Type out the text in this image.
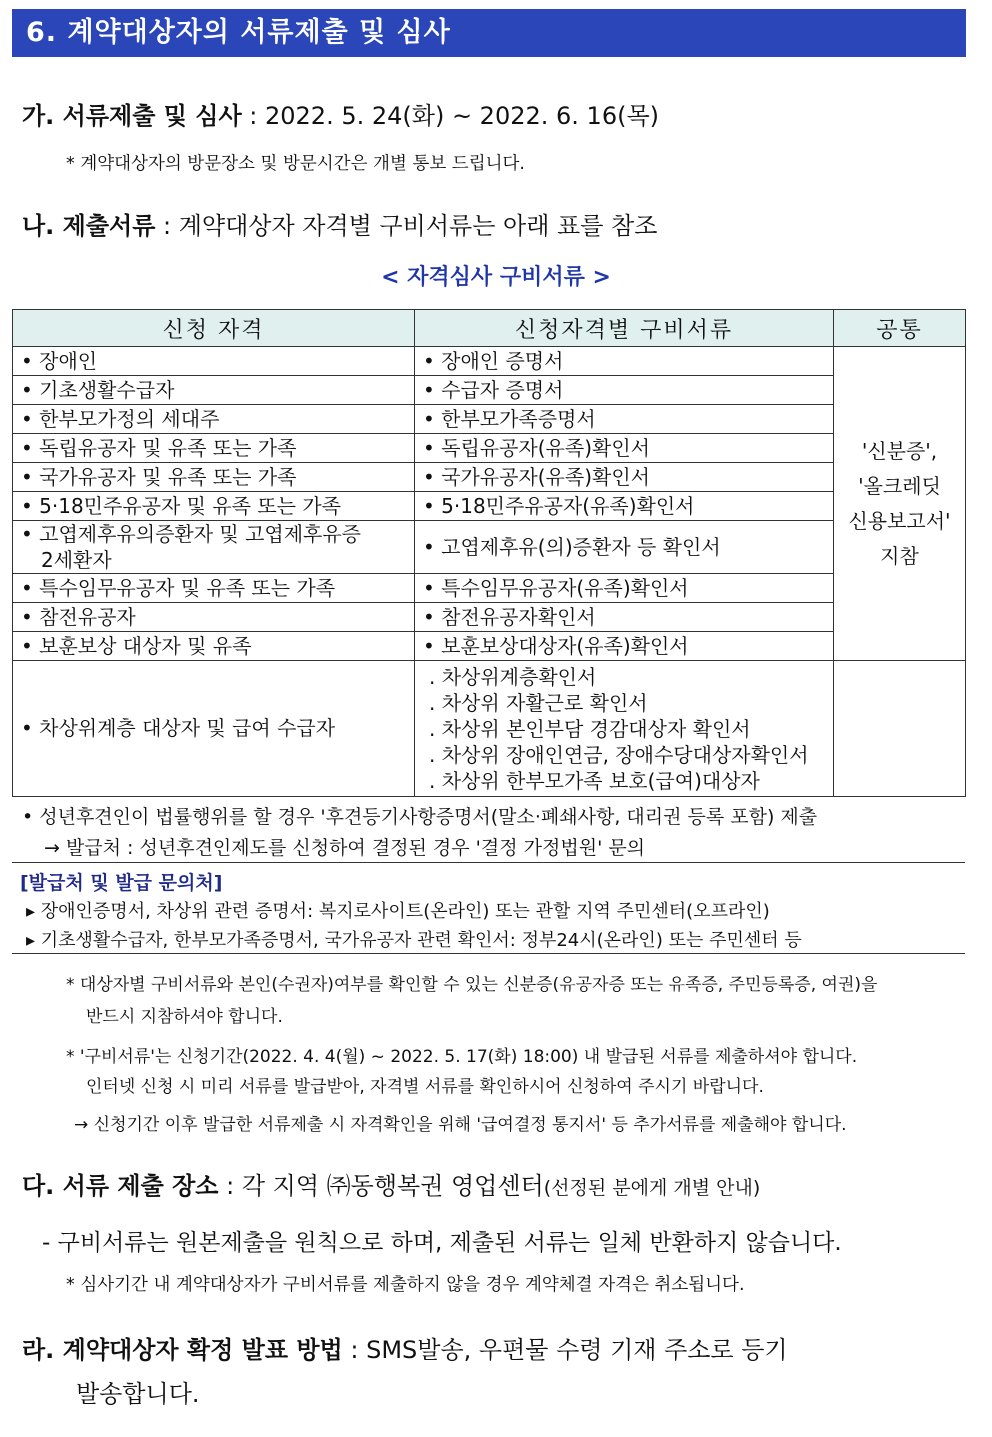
6. 계약대상자의 서류제출 및 심사
가. 서류제출 및 심사 : 2022. 5. 24(화) ~ 2022. 6. 16(목)
* 계약대상자의 방문장소 및 방문시간은 개별 통보 드립니다.
나. 제출서류 : 계약대상자 자격별 구비서류는 아래 표를 참조
< 자격심사 구비서류 >
신청 자격	신청자격별 구비서류	공통
• 장애인	• 장애인 증명서	'신분증',
'올크레딧
신용보고서'
지참

• 기초생활수급자	• 수급자 증명서	
• 한부모가정의 세대주	• 한부모가족증명서	
• 독립유공자 및 유족 또는 가족	• 독립유공자(유족)확인서	
• 국가유공자 및 유족 또는 가족	• 국가유공자(유족)확인서	
• 5·18민주유공자 및 유족 또는 가족	• 5·18민주유공자(유족)확인서	

• 고엽제후유의증환자 및 고엽제후유증
2세환자	• 고엽제후유(의)증환자 등 확인서	
• 특수임무유공자 및 유족 또는 가족	• 특수임무유공자(유족)확인서	
• 참전유공자	• 참전유공자확인서	
• 보훈보상 대상자 및 유족	• 보훈보상대상자(유족)확인서	
• 차상위계층 대상자 및 급여 수급자	. 차상위계층확인서
. 차상위 자활근로 확인서
. 차상위 본인부담 경감대상자 확인서
. 차상위 장애인연금, 장애수당대상자확인서
. 차상위 한부모가족 보호(급여)대상자	

• 성년후견인이 법률행위를 할 경우 '후견등기사항증명서(말소·폐쇄사항, 대리권 등록 포함) 제출
→ 발급처 : 성년후견인제도를 신청하여 결정된 경우 '결정 가정법원' 문의
[발급처 및 발급 문의처]
▸ 장애인증명서, 차상위 관련 증명서: 복지로사이트(온라인) 또는 관할 지역 주민센터(오프라인)
▸ 기초생활수급자, 한부모가족증명서, 국가유공자 관련 확인서: 정부24시(온라인) 또는 주민센터 등
* 대상자별 구비서류와 본인(수권자)여부를 확인할 수 있는 신분증(유공자증 또는 유족증, 주민등록증, 여권)을
반드시 지참하셔야 합니다.
* '구비서류'는 신청기간(2022. 4. 4(월) ~ 2022. 5. 17(화) 18:00) 내 발급된 서류를 제출하셔야 합니다.
인터넷 신청 시 미리 서류를 발급받아, 자격별 서류를 확인하시어 신청하여 주시기 바랍니다.
→ 신청기간 이후 발급한 서류제출 시 자격확인을 위해 '급여결정 통지서' 등 추가서류를 제출해야 합니다.
다. 서류 제출 장소 : 각 지역 ㈜동행복권 영업센터(선정된 분에게 개별 안내)
- 구비서류는 원본제출을 원칙으로 하며, 제출된 서류는 일체 반환하지 않습니다.
* 심사기간 내 계약대상자가 구비서류를 제출하지 않을 경우 계약체결 자격은 취소됩니다.
라. 계약대상자 확정 발표 방법 : SMS발송, 우편물 수령 기재 주소로 등기
발송합니다.
